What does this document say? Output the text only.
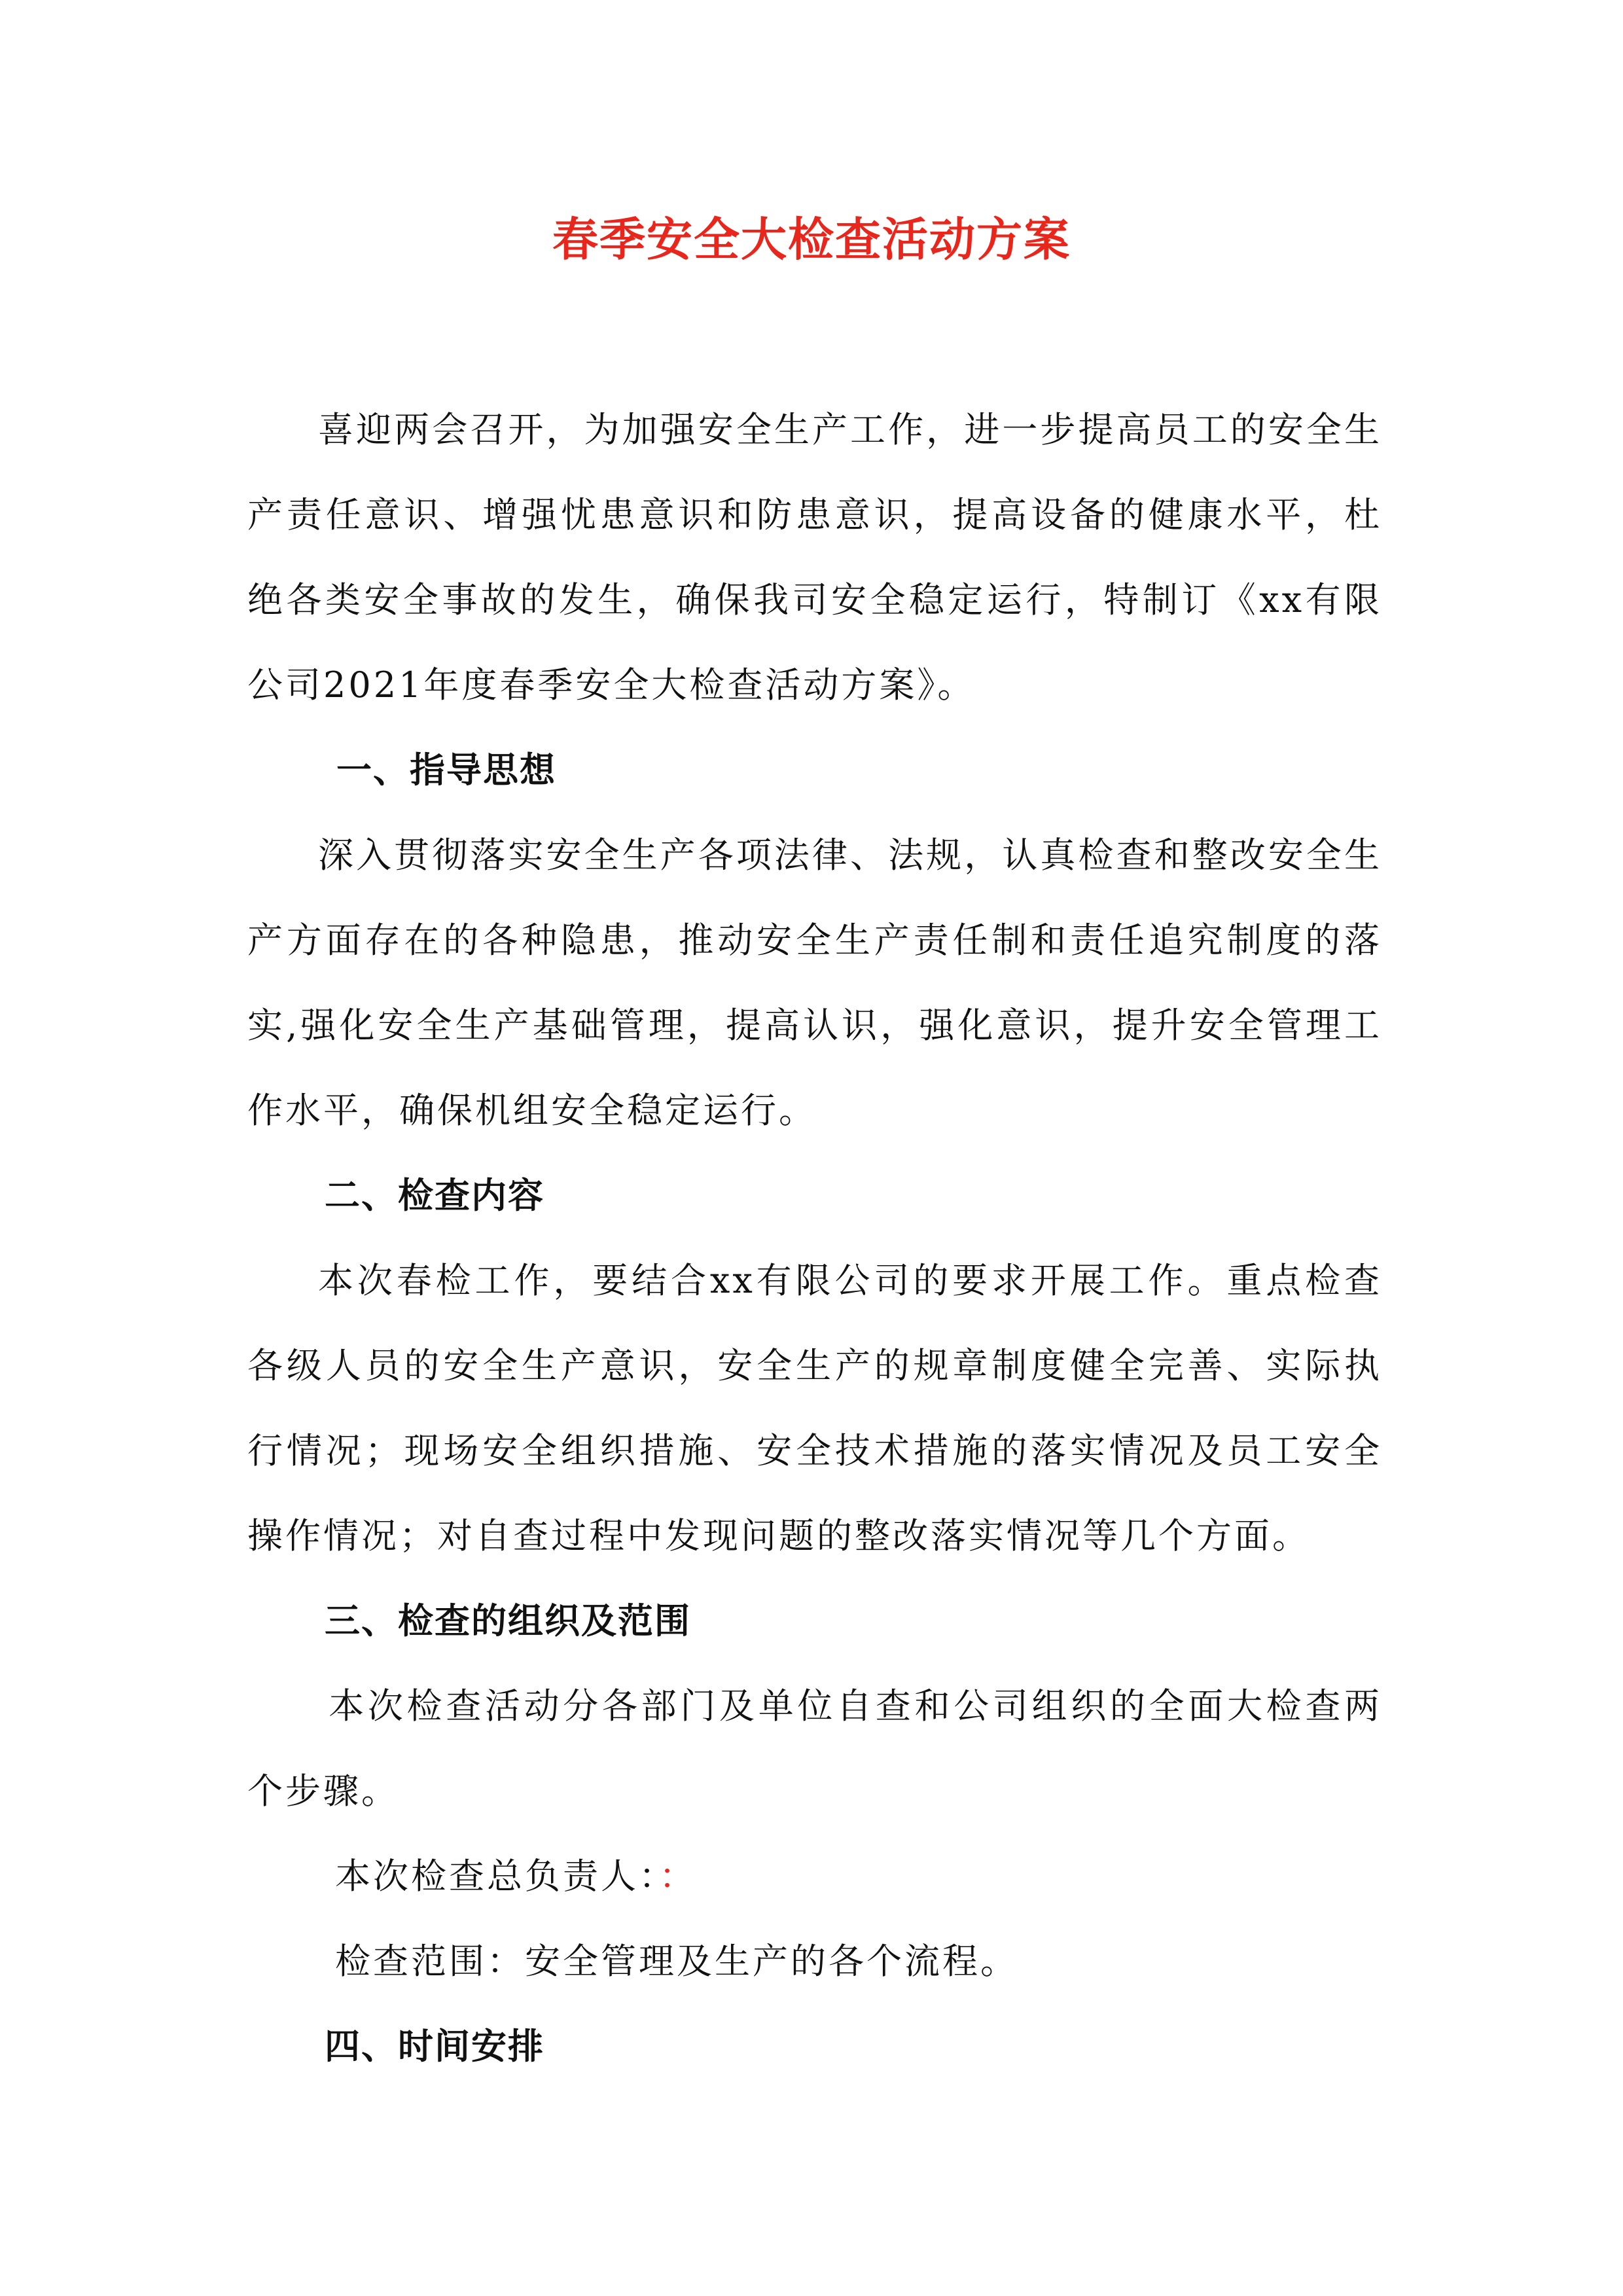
春季安全大检查活动方案

喜迎两会召开，为加强安全生产工作，进一步提高员工的安全生产责任意识、增强忧患意识和防患意识，提高设备的健康水平，杜绝各类安全事故的发生，确保我司安全稳定运行，特制订《xx有限公司2021年度春季安全大检查活动方案》。

一、指导思想

深入贯彻落实安全生产各项法律、法规，认真检查和整改安全生产方面存在的各种隐患，推动安全生产责任制和责任追究制度的落实,强化安全生产基础管理，提高认识，强化意识，提升安全管理工作水平，确保机组安全稳定运行。

二、检查内容

本次春检工作，要结合xx有限公司的要求开展工作。重点检查各级人员的安全生产意识，安全生产的规章制度健全完善、实际执行情况；现场安全组织措施、安全技术措施的落实情况及员工安全操作情况；对自查过程中发现问题的整改落实情况等几个方面。

三、检查的组织及范围

本次检查活动分各部门及单位自查和公司组织的全面大检查两个步骤。

本次检查总负责人：：

检查范围：安全管理及生产的各个流程。

四、时间安排
